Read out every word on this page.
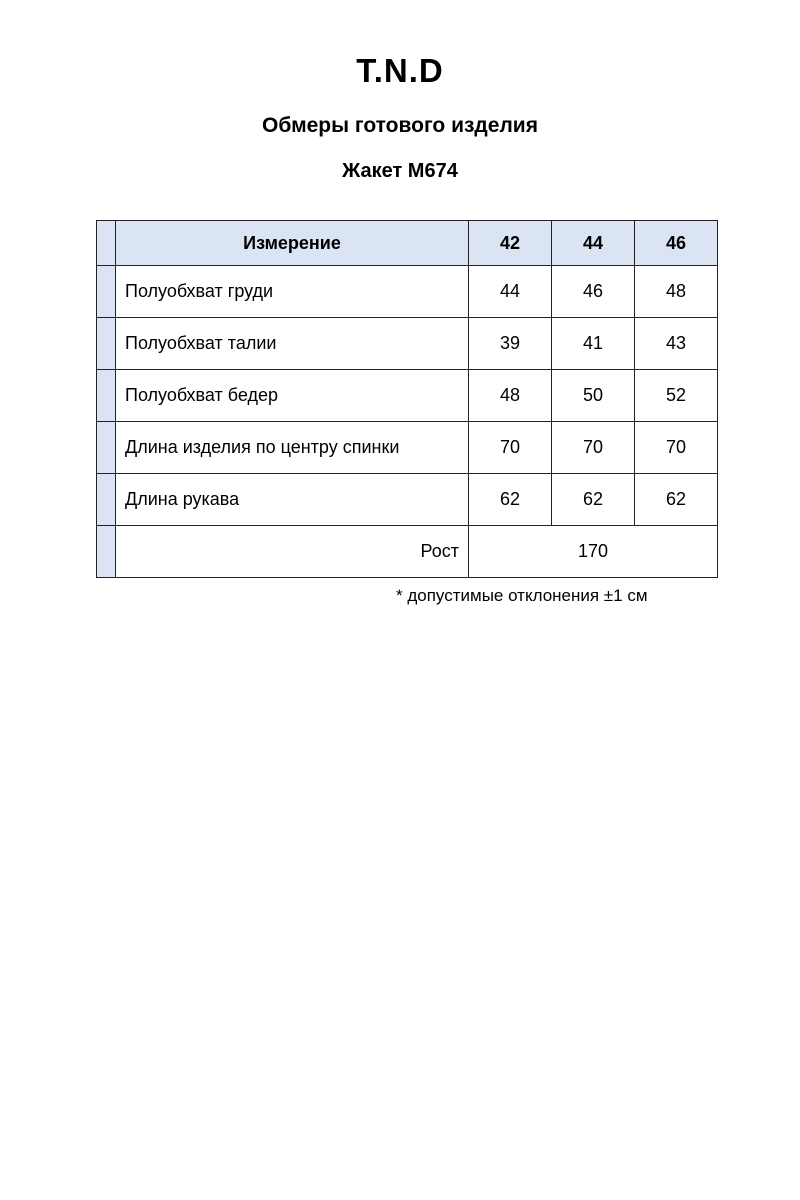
T.N.D
Обмеры готового изделия
Жакет М674
	Измерение	42	44	46
	Полуобхват груди	44	46	48
	Полуобхват талии	39	41	43
	Полуобхват бедер	48	50	52
	Длина изделия по центру спинки	70	70	70
	Длина рукава	62	62	62
	Рост	170		
* допустимые отклонения ±1 см
